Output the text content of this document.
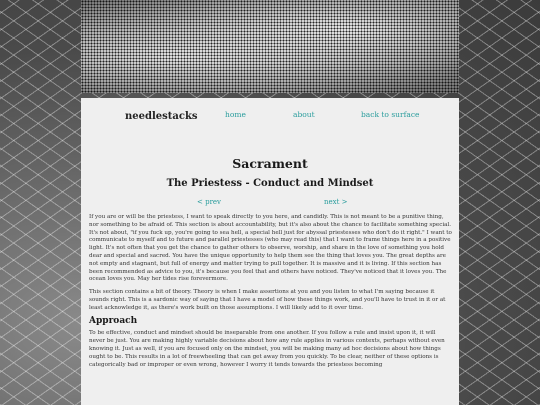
needlestacks	home	about	back to surface
Sacrament
The Priestess - Conduct and Mindset
< prev	next >

If you are or will be the priestess, I want to speak directly to you here, and candidly. This is not meant to be a punitive thing, nor something to be afraid of. This section is about accountability, but it's also about the chance to facilitate something special. It's not about, "if you fuck up, you're going to sea hell, a special hell just for abyssal priestesses who don't do it right." I want to communicate to myself and to future and parallel priestesses (who may read this) that I want to frame things here in a positive light. It's not often that you get the chance to gather others to observe, worship, and share in the love of something you hold dear and special and sacred. You have the unique opportunity to help them see the thing that loves you. The great depths are not empty and stagnant, but full of energy and matter trying to pull together. It is massive and it is living. If this section has been recommended as advice to you, it's because you feel that and others have noticed. They've noticed that it loves you. The ocean loves you. May her tides rise forevermore.

This section contains a bit of theory. Theory is when I make assertions at you and you listen to what I'm saying because it sounds right. This is a sardonic way of saying that I have a model of how these things work, and you'll have to trust in it or at least acknowledge it, as there's work built on those assumptions. I will likely add to it over time.

Approach

To be effective, conduct and mindset should be inseparable from one another. If you follow a rule and insist upon it, it will never be just. You are making highly variable decisions about how any rule applies in various contexts, perhaps without even knowing it. Just as well, if you are focused only on the mindset, you will be making many ad hoc decisions about how things ought to be. This results in a lot of freewheeling that can get away from you quickly. To be clear, neither of these options is categorically bad or improper or even wrong, however I worry it tends towards the priestess becoming
